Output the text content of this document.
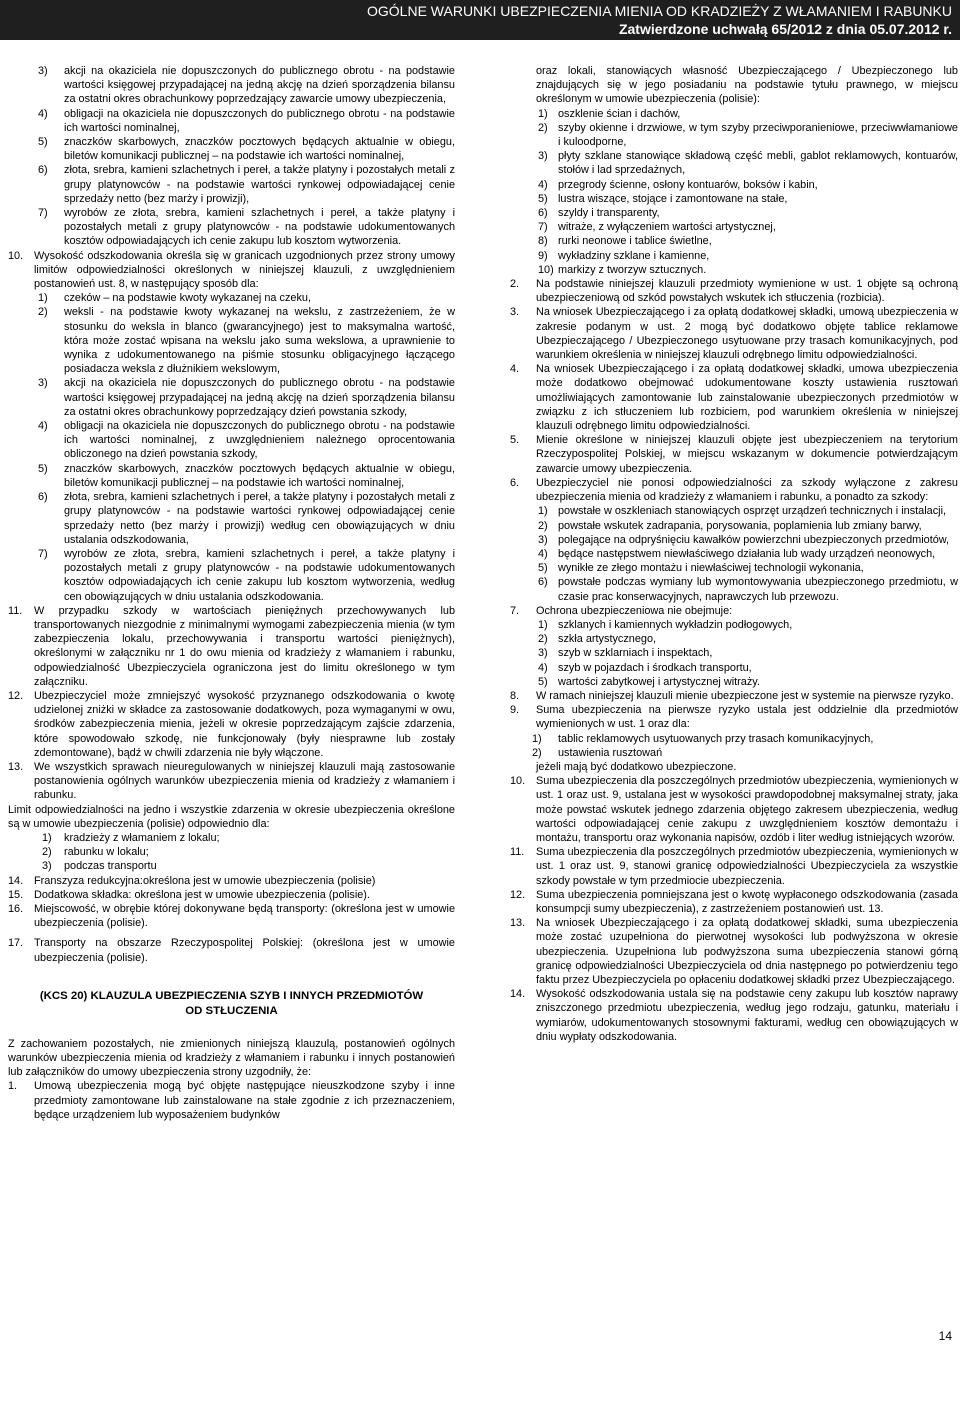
OGÓLNE WARUNKI UBEZPIECZENIA MIENIA OD KRADZIEŻY Z WŁAMANIEM I RABUNKU
Zatwierdzone uchwałą 65/2012 z dnia 05.07.2012 r.
3)	akcji na okaziciela nie dopuszczonych do publicznego obrotu - na podstawie wartości księgowej przypadającej na jedną akcję na dzień sporządzenia bilansu za ostatni okres obrachunkowy poprzedzający zawarcie umowy ubezpieczenia,
4)	obligacji na okaziciela nie dopuszczonych do publicznego obrotu - na podstawie ich wartości nominalnej,
5)	znaczków skarbowych, znaczków pocztowych będących aktualnie w obiegu, biletów komunikacji publicznej – na podstawie ich wartości nominalnej,
6)	złota, srebra, kamieni szlachetnych i pereł, a także platyny i pozostałych metali z grupy platynowców - na podstawie wartości rynkowej odpowiadającej cenie sprzedaży netto (bez marży i prowizji),
7)	wyrobów ze złota, srebra, kamieni szlachetnych i pereł, a także platyny i pozostałych metali z grupy platynowców - na podstawie udokumentowanych kosztów odpowiadających ich cenie zakupu lub kosztom wytworzenia.
10. Wysokość odszkodowania określa się w granicach uzgodnionych przez strony umowy limitów odpowiedzialności określonych w niniejszej klauzuli, z uwzględnieniem postanowień ust. 8, w następujący sposób dla:
1)	czeków – na podstawie kwoty wykazanej na czeku,
2)	weksli - na podstawie kwoty wykazanej na wekslu, z zastrzeżeniem, że w stosunku do weksla in blanco (gwarancyjnego) jest to maksymalna wartość, która może zostać wpisana na wekslu jako suma wekslowa, a uprawnienie to wynika z udokumentowanego na piśmie stosunku obligacyjnego łączącego posiadacza weksla z dłużnikiem wekslowym,
3)	akcji na okaziciela nie dopuszczonych do publicznego obrotu - na podstawie wartości księgowej przypadającej na jedną akcję na dzień sporządzenia bilansu za ostatni okres obrachunkowy poprzedzający dzień powstania szkody,
4)	obligacji na okaziciela nie dopuszczonych do publicznego obrotu - na podstawie ich wartości nominalnej, z uwzględnieniem należnego oprocentowania obliczonego na dzień powstania szkody,
5)	znaczków skarbowych, znaczków pocztowych będących aktualnie w obiegu, biletów komunikacji publicznej – na podstawie ich wartości nominalnej,
6)	złota, srebra, kamieni szlachetnych i pereł, a także platyny i pozostałych metali z grupy platynowców - na podstawie wartości rynkowej odpowiadającej cenie sprzedaży netto (bez marży i prowizji) według cen obowiązujących w dniu ustalania odszkodowania,
7)	wyrobów ze złota, srebra, kamieni szlachetnych i pereł, a także platyny i pozostałych metali z grupy platynowców - na podstawie udokumentowanych kosztów odpowiadających ich cenie zakupu lub kosztom wytworzenia, według cen obowiązujących w dniu ustalania odszkodowania.
11.	W przypadku szkody w wartościach pieniężnych przechowywanych lub transportowanych niezgodnie z minimalnymi wymogami zabezpieczenia mienia (w tym zabezpieczenia lokalu, przechowywania i transportu wartości pieniężnych), określonymi w załączniku nr 1 do owu mienia od kradzieży z włamaniem i rabunku, odpowiedzialność Ubezpieczyciela ograniczona jest do limitu określonego w tym załączniku.
12. Ubezpieczyciel może zmniejszyć wysokość przyznanego odszkodowania o kwotę udzielonej zniżki w składce za zastosowanie dodatkowych, poza wymaganymi w owu, środków zabezpieczenia mienia, jeżeli w okresie poprzedzającym zajście zdarzenia, które spowodowało szkodę, nie funkcjonowały (były niesprawne lub zostały zdemontowane), bądź w chwili zdarzenia nie były włączone.
13. We wszystkich sprawach nieuregulowanych w niniejszej klauzuli mają zastosowanie postanowienia ogólnych warunków ubezpieczenia mienia od kradzieży z włamaniem i rabunku.

Limit odpowiedzialności na jedno i wszystkie zdarzenia w okresie ubezpieczenia określone są w umowie ubezpieczenia (polisie) odpowiednio dla:

1)	kradzieży z włamaniem z lokalu;
2)	rabunku w lokalu;
3)	podczas transportu
14. Franszyza redukcyjna:określona jest w umowie ubezpieczenia (polisie)
15. Dodatkowa składka: określona jest w umowie ubezpieczenia (polisie).
16. Miejscowość, w obrębie której dokonywane będą transporty: (określona jest w umowie ubezpieczenia (polisie).
17. Transporty na obszarze Rzeczypospolitej Polskiej: (określona jest w umowie ubezpieczenia (polisie).

(KCS 20) KLAUZULA UBEZPIECZENIA SZYB I INNYCH PRZEDMIOTÓW

OD STŁUCZENIA

Z zachowaniem pozostałych, nie zmienionych niniejszą klauzulą, postanowień ogólnych warunków ubezpieczenia mienia od kradzieży z włamaniem i rabunku i innych postanowień lub załączników do umowy ubezpieczenia strony uzgodniły, że:

1.	Umową ubezpieczenia mogą być objęte następujące nieuszkodzone szyby i inne przedmioty zamontowane lub zainstalowane na stałe zgodnie z ich przeznaczeniem, będące urządzeniem lub wyposażeniem budynków

oraz lokali, stanowiących własność Ubezpieczającego / Ubezpieczonego lub znajdujących się w jego posiadaniu na podstawie tytułu prawnego, w miejscu określonym w umowie ubezpieczenia (polisie):

1) oszklenie ścian i dachów,
2) szyby okienne i drzwiowe, w tym szyby przeciwporanieniowe, przeciwwłamaniowe i kuloodporne,
3) płyty szklane stanowiące składową część mebli, gablot reklamowych, kontuarów, stołów i lad sprzedażnych,
4) przegrody ścienne, osłony kontuarów, boksów i kabin,
5) lustra wiszące, stojące i zamontowane na stałe,
6) szyldy i transparenty,
7) witraże, z wyłączeniem wartości artystycznej,
8) rurki neonowe i tablice świetlne,
9) wykładziny szklane i kamienne,
10) markizy z tworzyw sztucznych.
2.	Na podstawie niniejszej klauzuli przedmioty wymienione w ust. 1 objęte są ochroną ubezpieczeniową od szkód powstałych wskutek ich stłuczenia (rozbicia).
3.	Na wniosek Ubezpieczającego i za opłatą dodatkowej składki, umową ubezpieczenia w zakresie podanym w ust. 2 mogą być dodatkowo objęte tablice reklamowe Ubezpieczającego / Ubezpieczonego usytuowane przy trasach komunikacyjnych, pod warunkiem określenia w niniejszej klauzuli odrębnego limitu odpowiedzialności.
4.	Na wniosek Ubezpieczającego i za opłatą dodatkowej składki, umowa ubezpieczenia może dodatkowo obejmować udokumentowane koszty ustawienia rusztowań umożliwiających zamontowanie lub zainstalowanie ubezpieczonych przedmiotów w związku z ich stłuczeniem lub rozbiciem, pod warunkiem określenia w niniejszej klauzuli odrębnego limitu odpowiedzialności.
5.	Mienie określone w niniejszej klauzuli objęte jest ubezpieczeniem na terytorium Rzeczypospolitej Polskiej, w miejscu wskazanym w dokumencie potwierdzającym zawarcie umowy ubezpieczenia.
6.	Ubezpieczyciel nie ponosi odpowiedzialności za szkody wyłączone z zakresu ubezpieczenia mienia od kradzieży z włamaniem i rabunku, a ponadto za szkody:
1) powstałe w oszkleniach stanowiących osprzęt urządzeń technicznych i instalacji,
2) powstałe wskutek zadrapania, porysowania, poplamienia lub zmiany barwy,
3) polegające na odpryśnięciu kawałków powierzchni ubezpieczonych przedmiotów,
4) będące następstwem niewłaściwego działania lub wady urządzeń neonowych,
5) wynikłe ze złego montażu i niewłaściwej technologii wykonania,
6) powstałe podczas wymiany lub wymontowywania ubezpieczonego przedmiotu, w czasie prac konserwacyjnych, naprawczych lub przewozu.
7.	Ochrona ubezpieczeniowa nie obejmuje:
1) szklanych i kamiennych wykładzin podłogowych,
2) szkła artystycznego,
3) szyb w szklarniach i inspektach,
4) szyb w pojazdach i środkach transportu,
5) wartości zabytkowej i artystycznej witraży.
8.	W ramach niniejszej klauzuli mienie ubezpieczone jest w systemie na pierwsze ryzyko.
9.	Suma ubezpieczenia na pierwsze ryzyko ustala jest oddzielnie dla przedmiotów wymienionych w ust. 1 oraz dla:
1)	tablic reklamowych usytuowanych przy trasach komunikacyjnych,
2)	ustawienia rusztowań

jeżeli mają być dodatkowo ubezpieczone.

10. Suma ubezpieczenia dla poszczególnych przedmiotów ubezpieczenia, wymienionych w ust. 1 oraz ust. 9, ustalana jest w wysokości prawdopodobnej maksymalnej straty, jaka może powstać wskutek jednego zdarzenia objętego zakresem ubezpieczenia, według wartości odpowiadającej cenie zakupu z uwzględnieniem kosztów demontażu i montażu, transportu oraz wykonania napisów, ozdób i liter według istniejących wzorów.
11.	Suma ubezpieczenia dla poszczególnych przedmiotów ubezpieczenia, wymienionych w ust. 1 oraz ust. 9, stanowi granicę odpowiedzialności Ubezpieczyciela za wszystkie szkody powstałe w tym przedmiocie ubezpieczenia.
12. Suma ubezpieczenia pomniejszana jest o kwotę wypłaconego odszkodowania (zasada konsumpcji sumy ubezpieczenia), z zastrzeżeniem postanowień ust. 13.
13. Na wniosek Ubezpieczającego i za opłatą dodatkowej składki, suma ubezpieczenia może zostać uzupełniona do pierwotnej wysokości lub podwyższona w okresie ubezpieczenia. Uzupełniona lub podwyższona suma ubezpieczenia stanowi górną granicę odpowiedzialności Ubezpieczyciela od dnia następnego po potwierdzeniu tego faktu przez Ubezpieczyciela po opłaceniu dodatkowej składki przez Ubezpieczającego.
14. Wysokość odszkodowania ustala się na podstawie ceny zakupu lub kosztów naprawy zniszczonego przedmiotu ubezpieczenia, według jego rodzaju, gatunku, materiału i wymiarów, udokumentowanych stosownymi fakturami, według cen obowiązujących w dniu wypłaty odszkodowania.
14
